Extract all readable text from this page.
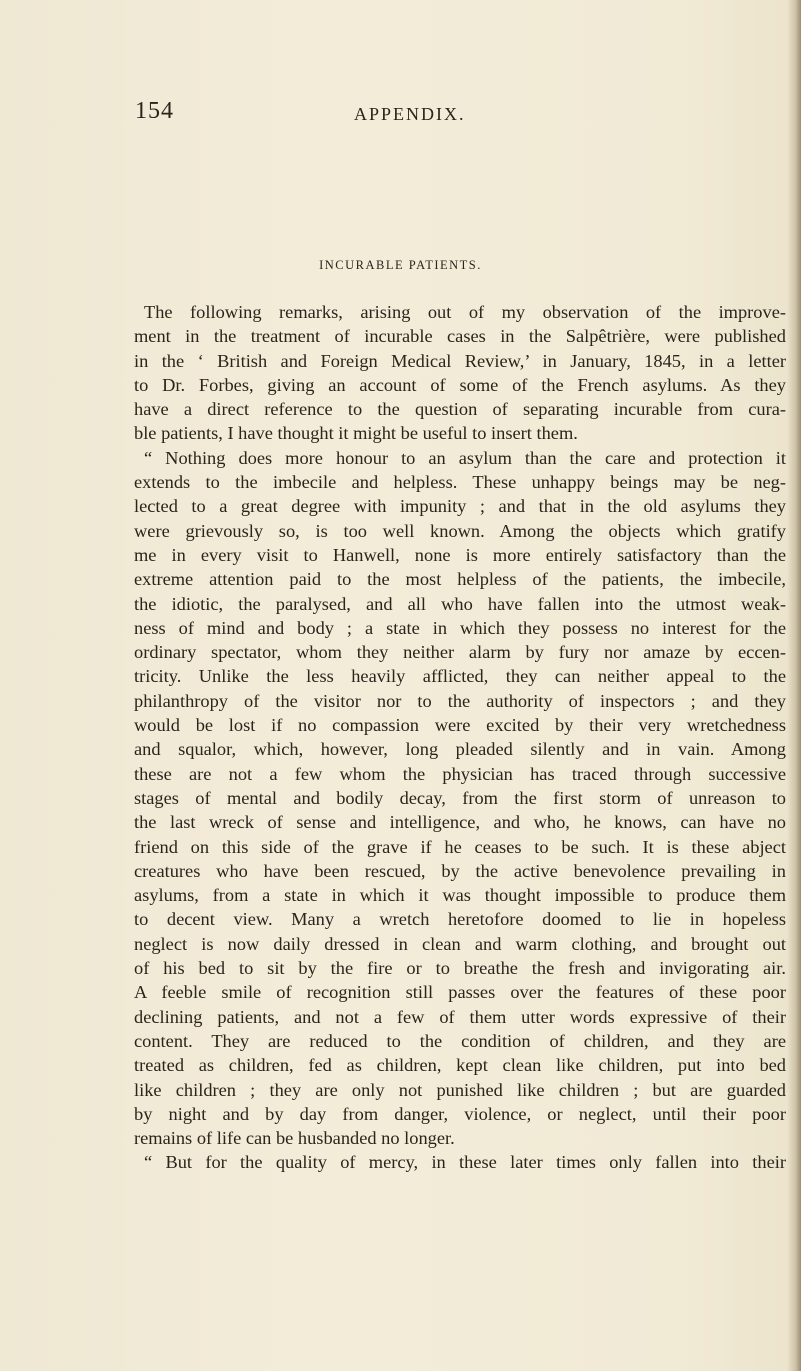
154	APPENDIX.
INCURABLE PATIENTS.
The following remarks, arising out of my observation of the improve-
ment in the treatment of incurable cases in the Salpêtrière, were published
in the ‘ British and Foreign Medical Review,’ in January, 1845, in a letter
to Dr. Forbes, giving an account of some of the French asylums. As they
have a direct reference to the question of separating incurable from cura-
ble patients, I have thought it might be useful to insert them.
“ Nothing does more honour to an asylum than the care and protection it
extends to the imbecile and helpless. These unhappy beings may be neg-
lected to a great degree with impunity ; and that in the old asylums they
were grievously so, is too well known. Among the objects which gratify
me in every visit to Hanwell, none is more entirely satisfactory than the
extreme attention paid to the most helpless of the patients, the imbecile,
the idiotic, the paralysed, and all who have fallen into the utmost weak-
ness of mind and body ; a state in which they possess no interest for the
ordinary spectator, whom they neither alarm by fury nor amaze by eccen-
tricity. Unlike the less heavily afflicted, they can neither appeal to the
philanthropy of the visitor nor to the authority of inspectors ; and they
would be lost if no compassion were excited by their very wretchedness
and squalor, which, however, long pleaded silently and in vain. Among
these are not a few whom the physician has traced through successive
stages of mental and bodily decay, from the first storm of unreason to
the last wreck of sense and intelligence, and who, he knows, can have no
friend on this side of the grave if he ceases to be such. It is these abject
creatures who have been rescued, by the active benevolence prevailing in
asylums, from a state in which it was thought impossible to produce them
to decent view. Many a wretch heretofore doomed to lie in hopeless
neglect is now daily dressed in clean and warm clothing, and brought out
of his bed to sit by the fire or to breathe the fresh and invigorating air.
A feeble smile of recognition still passes over the features of these poor
declining patients, and not a few of them utter words expressive of their
content. They are reduced to the condition of children, and they are
treated as children, fed as children, kept clean like children, put into bed
like children ; they are only not punished like children ; but are guarded
by night and by day from danger, violence, or neglect, until their poor
remains of life can be husbanded no longer.
“ But for the quality of mercy, in these later times only fallen into their
